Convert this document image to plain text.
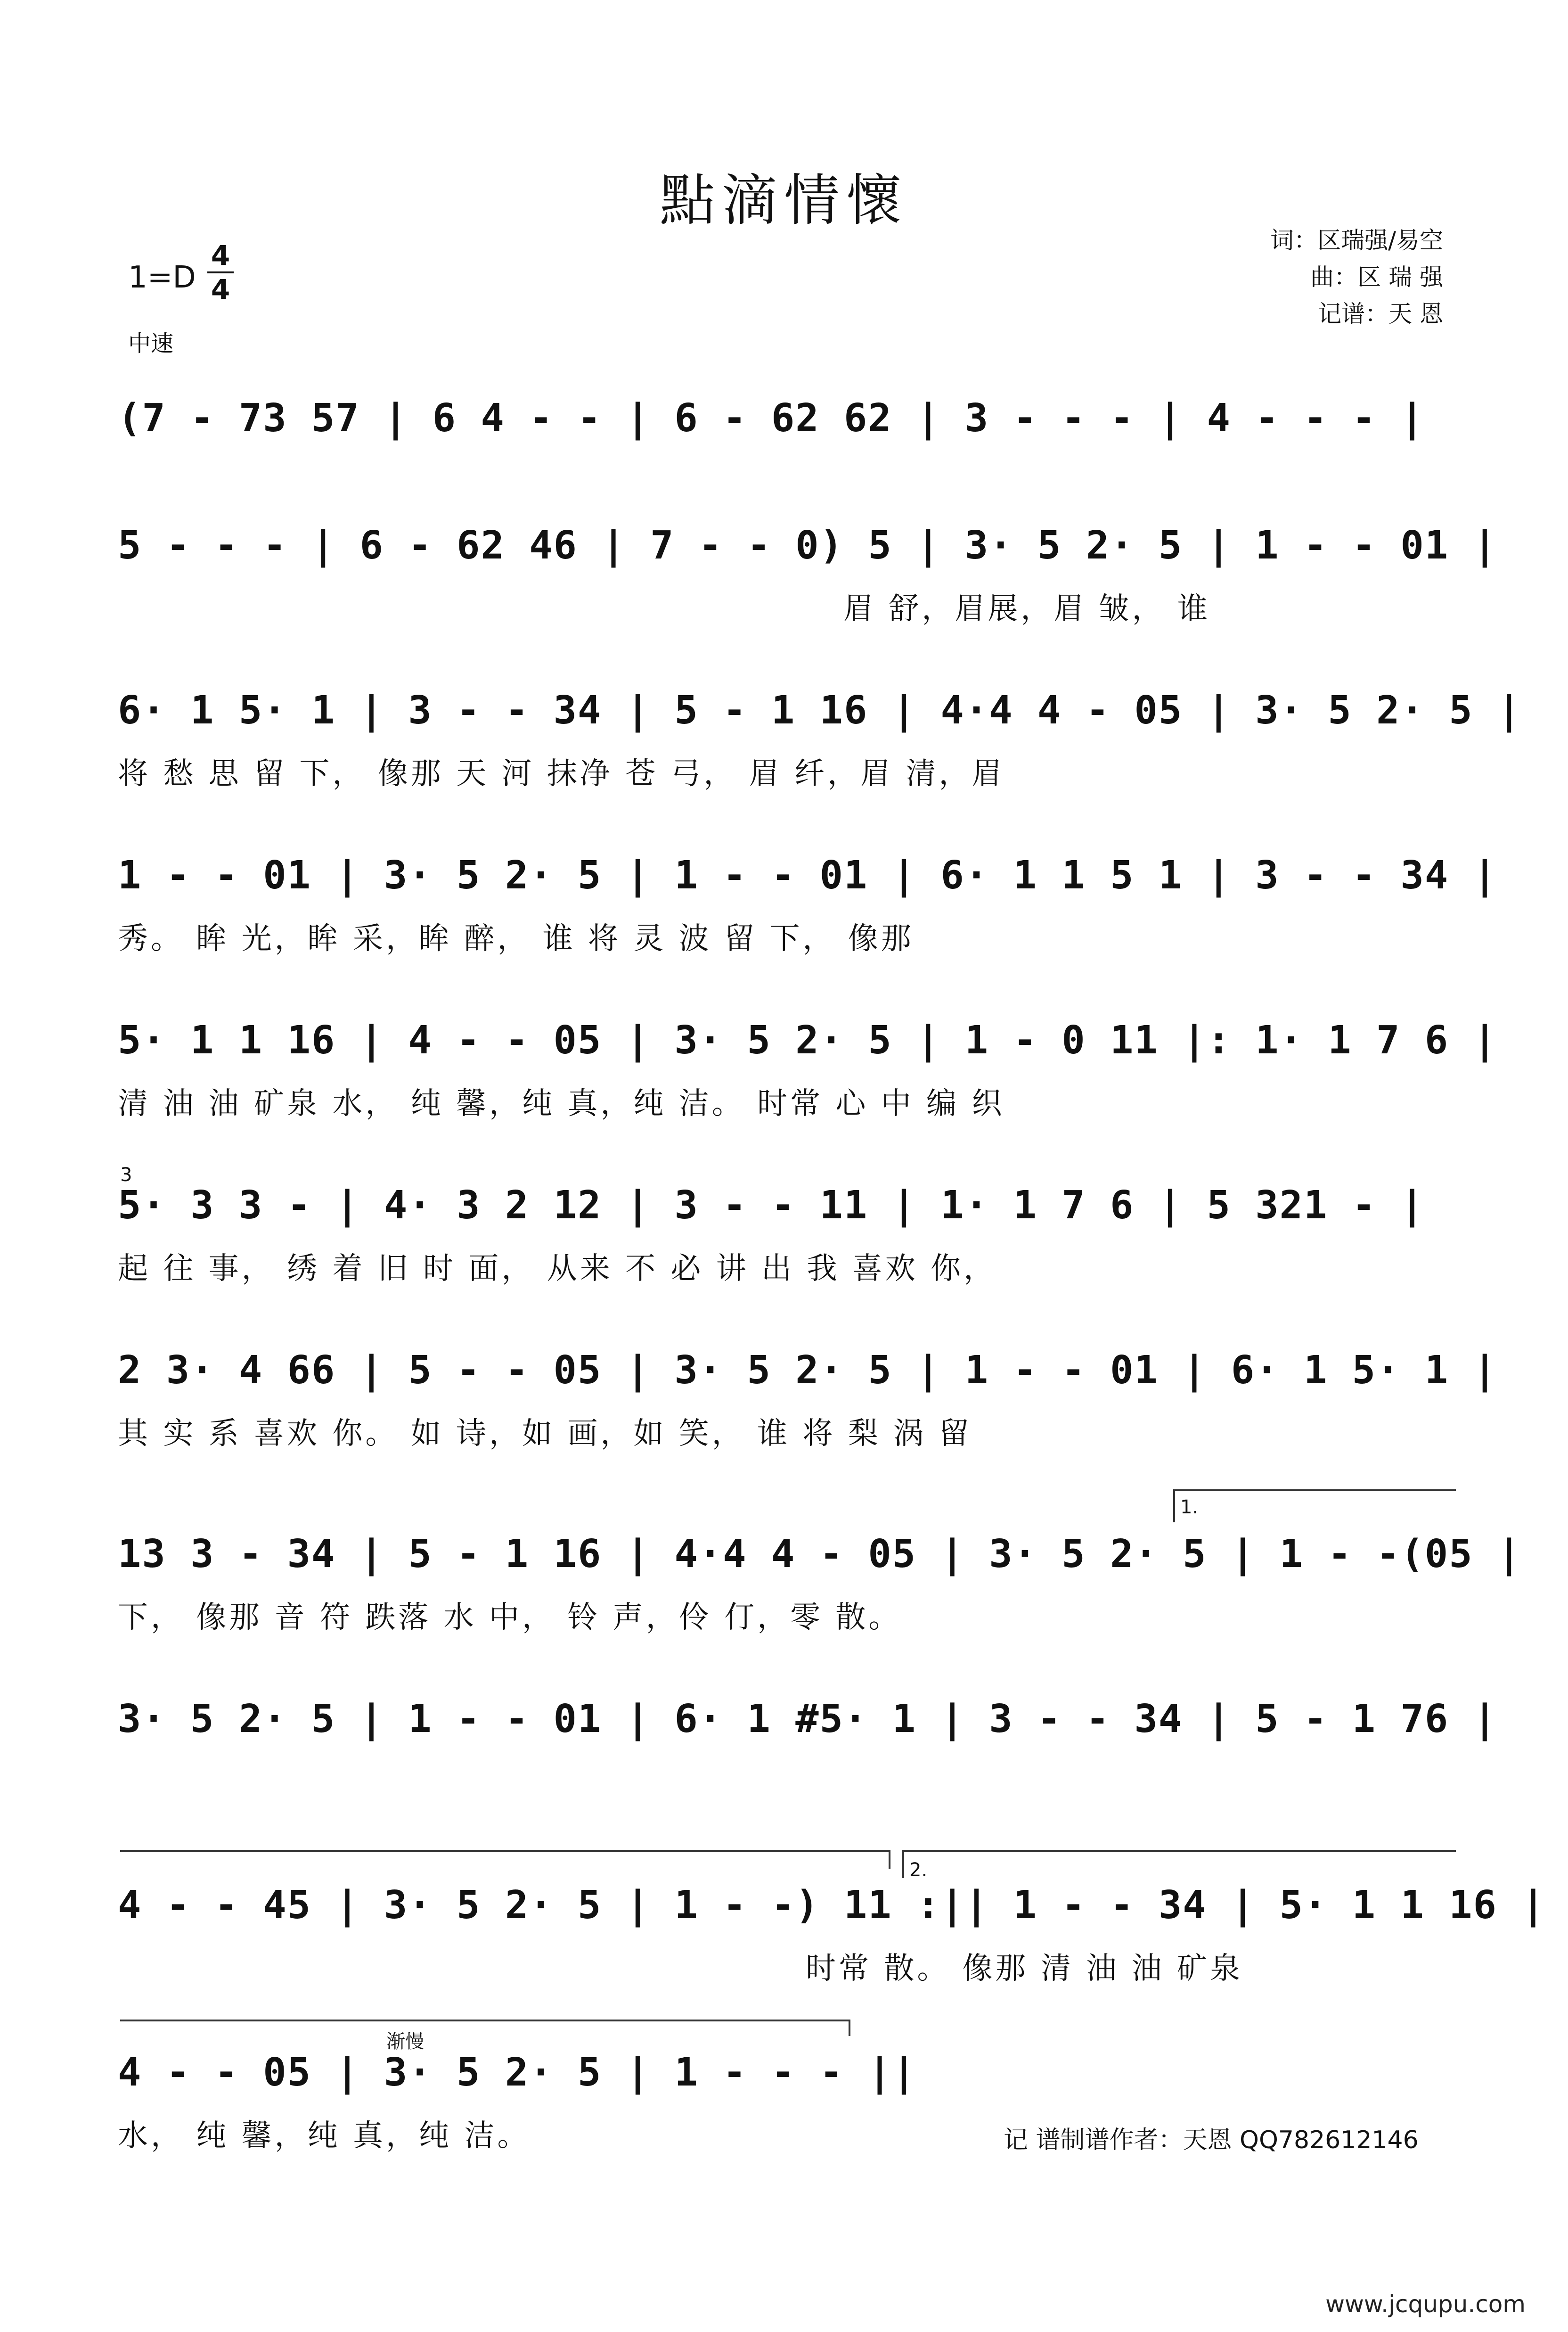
點滴情懷
词：区瑞强/易空
曲：区 瑞 强
记谱：天 恩
1=D
4
4
中速
(7 - 73 57 | 6 4 - - | 6 - 62 62 | 3 - - - | 4 - - - |
5 - - - | 6 - 62 46 | 7 - - 0) 5 | 3· 5 2· 5 | 1 - - 01 |
眉 舒，眉展，眉 皱， 谁
6· 1 5· 1 | 3 - - 34 | 5 - 1 16 | 4·4 4 - 05 | 3· 5 2· 5 |
将 愁 思 留 下， 像那 天 河 抹净 苍 弓， 眉 纤，眉 清，眉
1 - - 01 | 3· 5 2· 5 | 1 - - 01 | 6· 1 1 5 1 | 3 - - 34 |
秀。 眸 光，眸 采，眸 醉， 谁 将 灵 波 留 下， 像那
5· 1 1 16 | 4 - - 05 | 3· 5 2· 5 | 1 - 0 11 |: 1· 1 7 6 |
清 油 油 矿泉 水， 纯 馨，纯 真，纯 洁。 时常 心 中 编 织
3
5· 3 3 - | 4· 3 2 12 | 3 - - 11 | 1· 1 7 6 | 5 321 - |
起 往 事， 绣 着 旧 时 面， 从来 不 必 讲 出 我 喜欢 你，
2 3· 4 66 | 5 - - 05 | 3· 5 2· 5 | 1 - - 01 | 6· 1 5· 1 |
其 实 系 喜欢 你。 如 诗，如 画，如 笑， 谁 将 梨 涡 留
1.
13 3 - 34 | 5 - 1 16 | 4·4 4 - 05 | 3· 5 2· 5 | 1 - -(05 |
下， 像那 音 符 跌落 水 中， 铃 声，伶 仃，零 散。
3· 5 2· 5 | 1 - - 01 | 6· 1 #5· 1 | 3 - - 34 | 5 - 1 76 |
2.
4 - - 45 | 3· 5 2· 5 | 1 - -) 11 :|| 1 - - 34 | 5· 1 1 16 |
时常 散。 像那 清 油 油 矿泉
渐慢
4 - - 05 | 3· 5 2· 5 | 1 - - - ||
水， 纯 馨，纯 真，纯 洁。	记 谱制谱作者：天恩 QQ782612146
www.jcqupu.com
